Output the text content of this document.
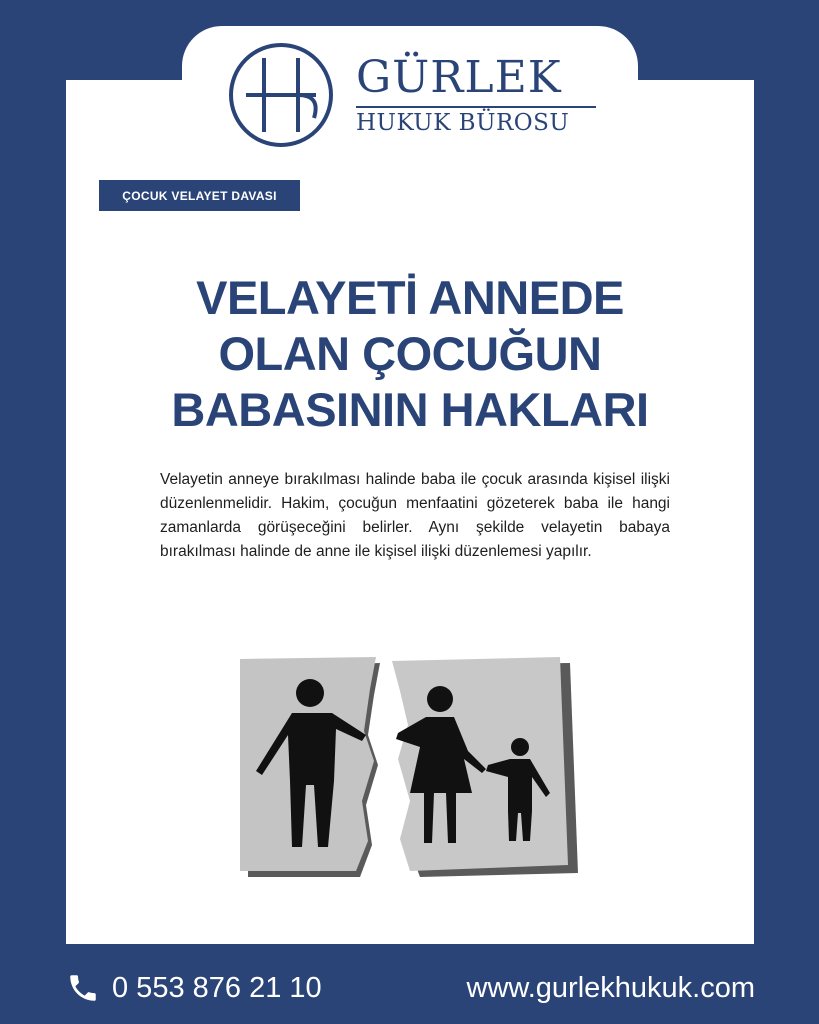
GÜRLEK
HUKUK BÜROSU
ÇOCUK VELAYET DAVASI
VELAYETİ ANNEDE
OLAN ÇOCUĞUN
BABASININ HAKLARI
Velayetin anneye bırakılması halinde baba ile çocuk arasında kişisel ilişki düzenlenmelidir. Hakim, çocuğun menfaatini gözeterek baba ile hangi zamanlarda görüşeceğini belirler. Aynı şekilde velayetin babaya bırakılması halinde de anne ile kişisel ilişki düzenlemesi yapılır.
0 553 876 21 10	www.gurlekhukuk.com
